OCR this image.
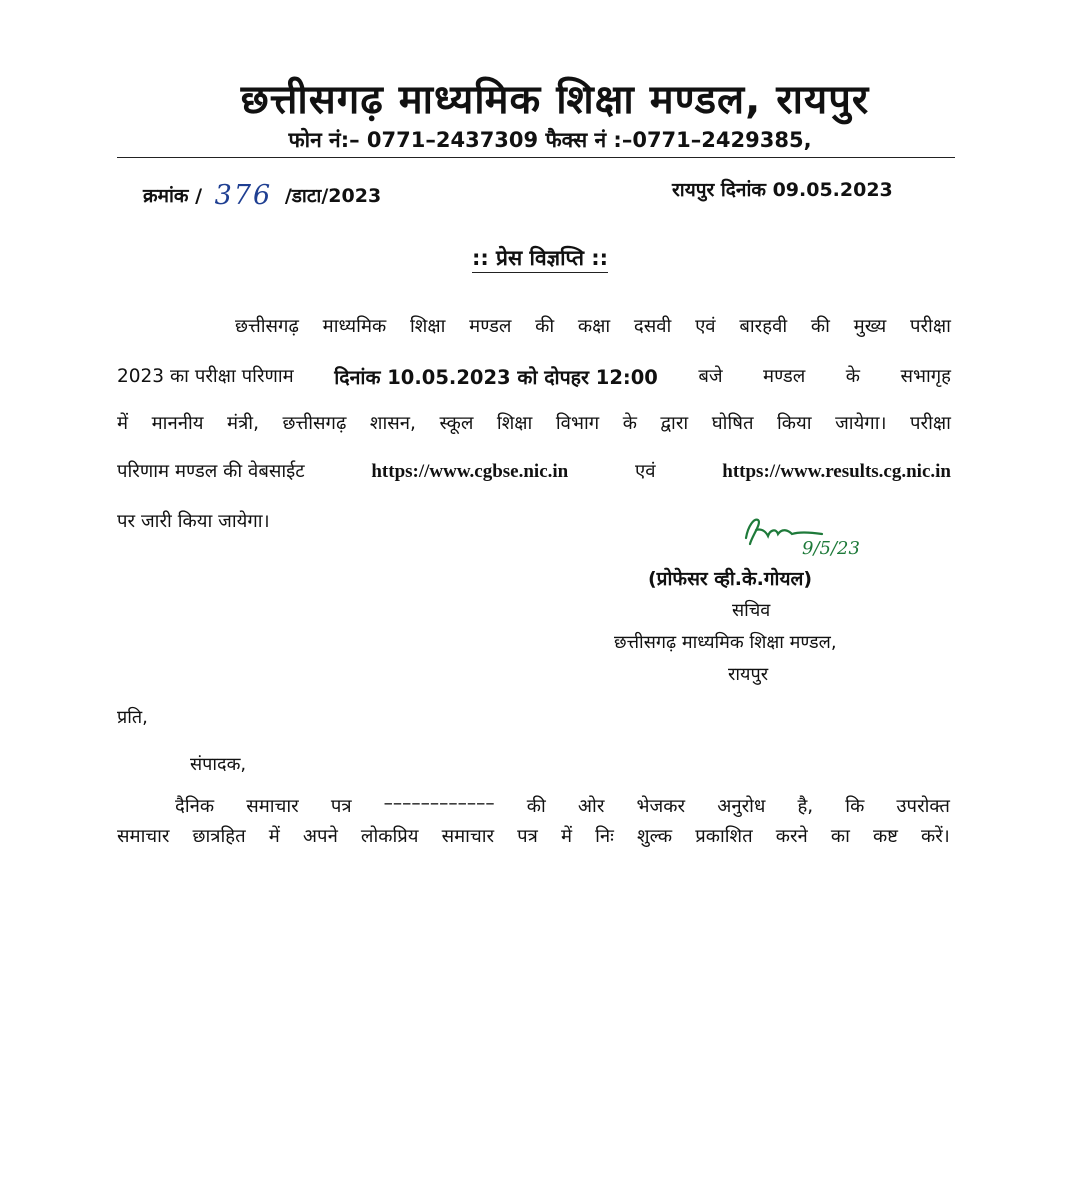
छत्तीसगढ़ माध्यमिक शिक्षा मण्डल, रायपुर
फोन नं:– 0771–2437309 फैक्स नं :–0771–2429385,
क्रमांक / 376 /डाटा/2023	रायपुर दिनांक 09.05.2023
:: प्रेस विज्ञप्ति ::
छत्तीसगढ़ माध्यमिक शिक्षा मण्डल की कक्षा दसवी एवं बारहवी की मुख्य परीक्षा
2023 का परीक्षा परिणाम दिनांक 10.05.2023 को दोपहर 12:00 बजे मण्डल के सभागृह
में माननीय मंत्री, छत्तीसगढ़ शासन, स्कूल शिक्षा विभाग के द्वारा घोषित किया जायेगा। परीक्षा
परिणाम मण्डल की वेबसाईट	https://www.cgbse.nic.in	एवं	https://www.results.cg.nic.in
पर जारी किया जायेगा।
9/5/23
(प्रोफेसर व्ही.के.गोयल)
सचिव
छत्तीसगढ़ माध्यमिक शिक्षा मण्डल,
रायपुर
प्रति,
संपादक,
दैनिक समाचार पत्र –––––––––––– की ओर भेजकर अनुरोध है, कि उपरोक्त
समाचार छात्रहित में अपने लोकप्रिय समाचार पत्र में निः शुल्क प्रकाशित करने का कष्ट करें।
